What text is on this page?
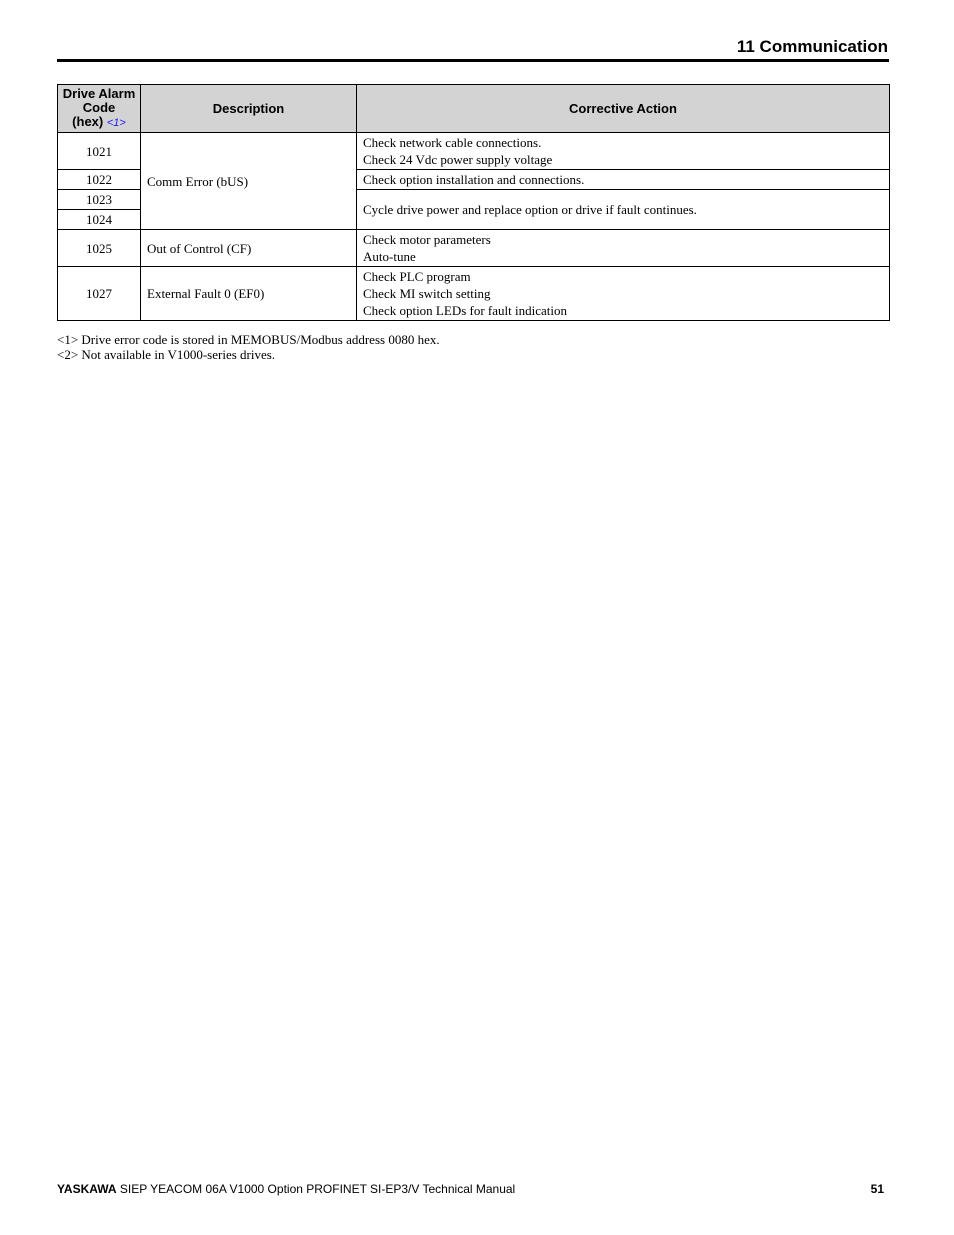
11 Communication
Drive Alarm
Code
(hex) <1>	Description	Corrective Action
1021	Comm Error (bUS)	Check network cable connections.
Check 24 Vdc power supply voltage

1022		Check option installation and connections.

1023		Cycle drive power and replace option or drive if fault continues.

1024		
1025	Out of Control (CF)	Check motor parameters
Auto-tune

1027	External Fault 0 (EF0)	Check PLC program
Check MI switch setting
Check option LEDs for fault indication
<1> Drive error code is stored in MEMOBUS/Modbus address 0080 hex.
<2> Not available in V1000-series drives.
YASKAWA SIEP YEACOM 06A V1000 Option PROFINET SI-EP3/V Technical Manual	51
